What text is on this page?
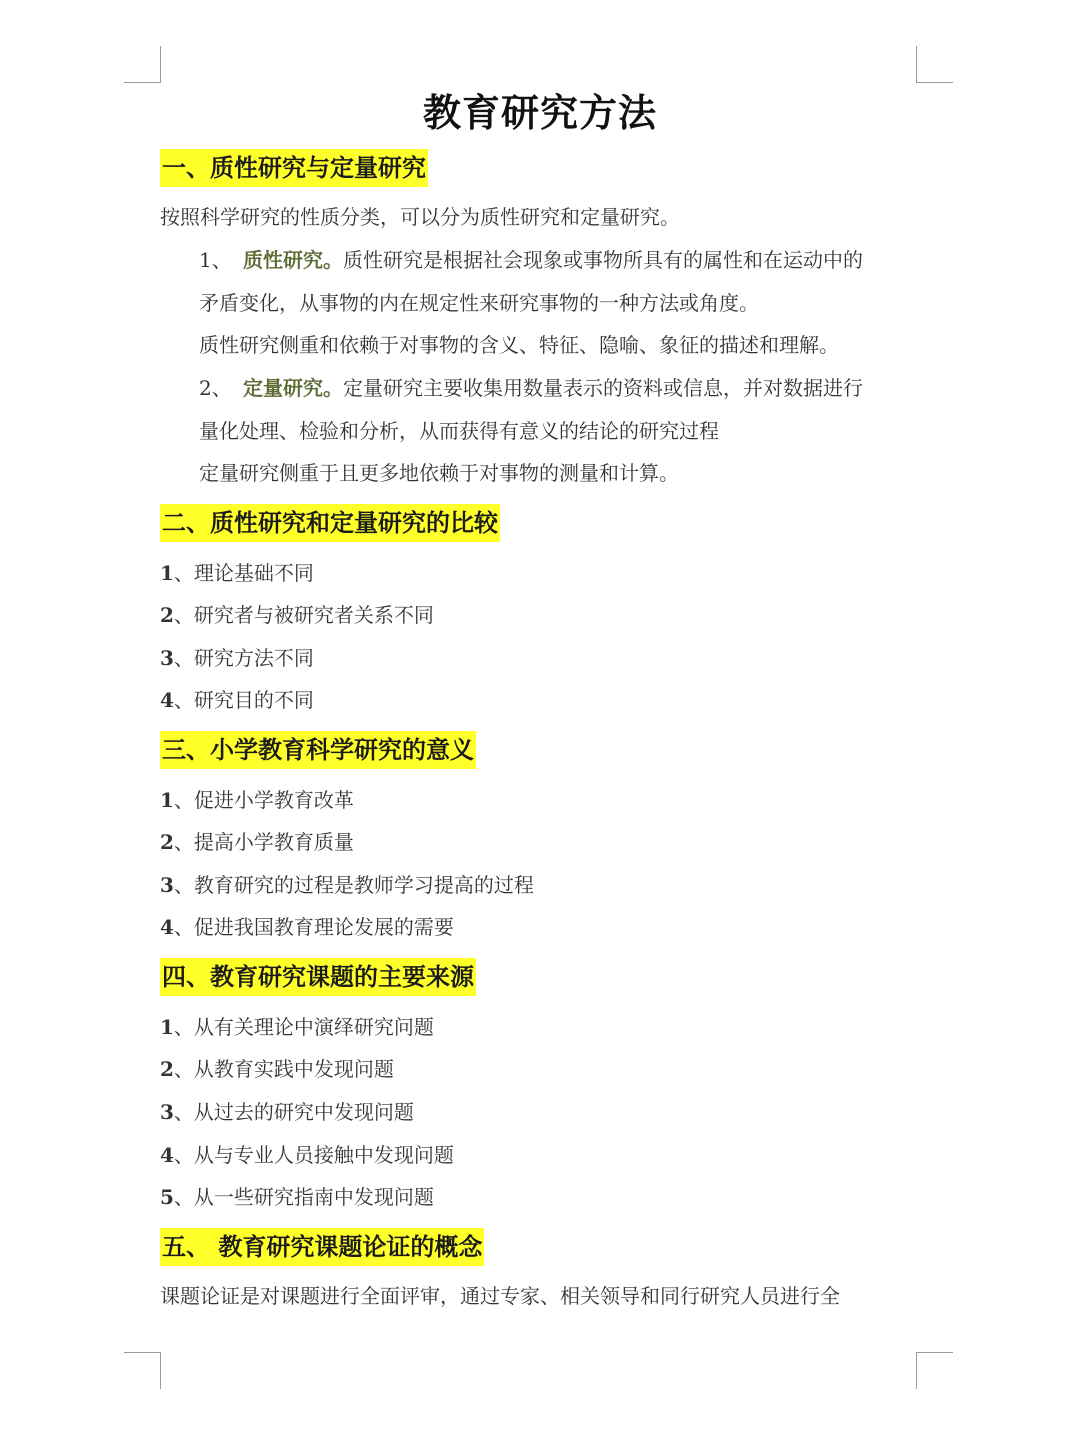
教育研究方法
一、质性研究与定量研究
按照科学研究的性质分类，可以分为质性研究和定量研究。
1、 质性研究。质性研究是根据社会现象或事物所具有的属性和在运动中的
矛盾变化，从事物的内在规定性来研究事物的一种方法或角度。
质性研究侧重和依赖于对事物的含义、特征、隐喻、象征的描述和理解。
2、 定量研究。定量研究主要收集用数量表示的资料或信息，并对数据进行
量化处理、检验和分析，从而获得有意义的结论的研究过程
定量研究侧重于且更多地依赖于对事物的测量和计算。
二、质性研究和定量研究的比较
1、理论基础不同
2、研究者与被研究者关系不同
3、研究方法不同
4、研究目的不同
三、小学教育科学研究的意义
1、促进小学教育改革
2、提高小学教育质量
3、教育研究的过程是教师学习提高的过程
4、促进我国教育理论发展的需要
四、教育研究课题的主要来源
1、从有关理论中演绎研究问题
2、从教育实践中发现问题
3、从过去的研究中发现问题
4、从与专业人员接触中发现问题
5、从一些研究指南中发现问题
五、 教育研究课题论证的概念
课题论证是对课题进行全面评审，通过专家、相关领导和同行研究人员进行全
